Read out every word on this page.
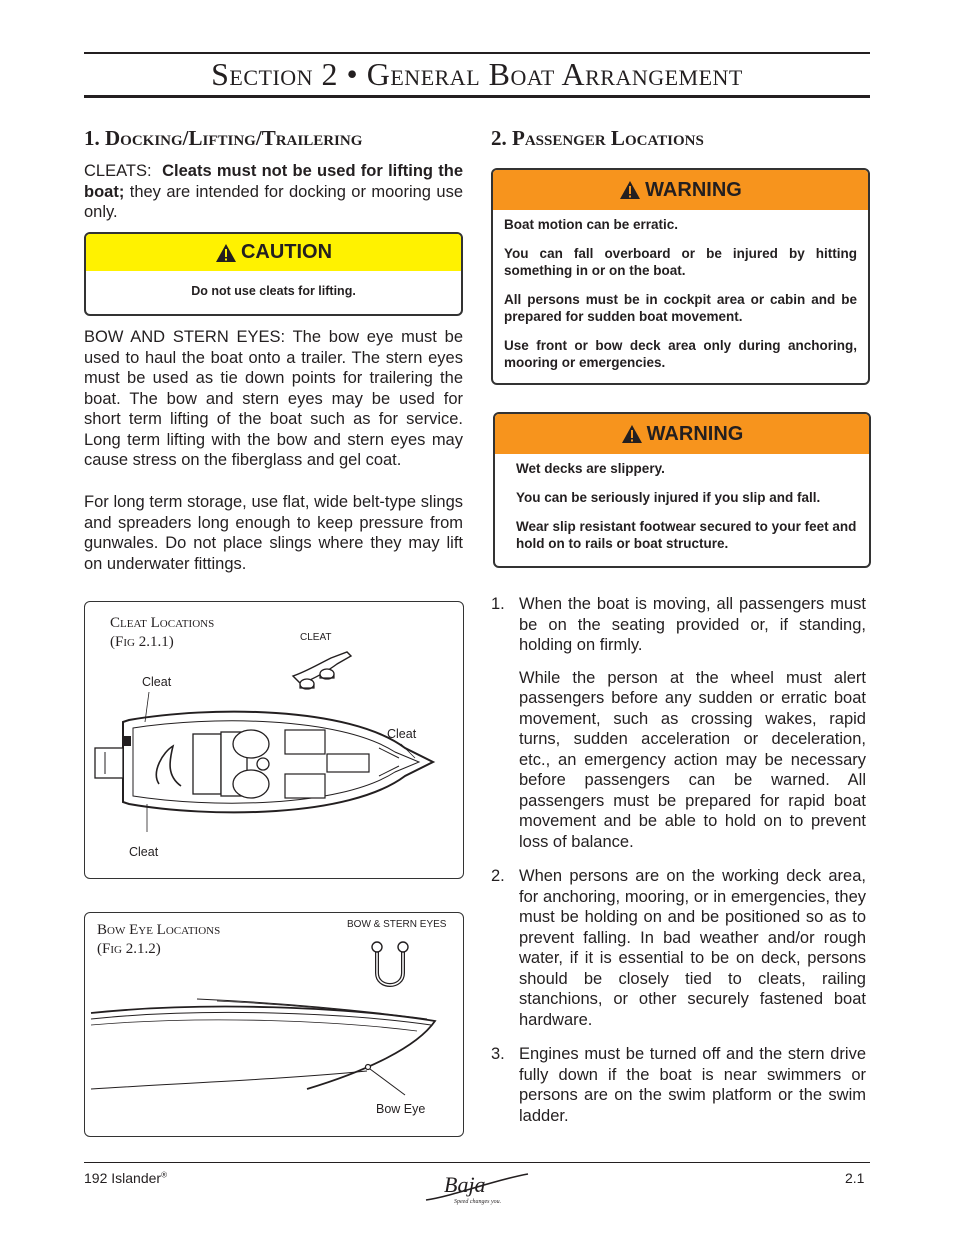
Section 2 • General Boat Arrangement
1. Docking/Lifting/Trailering
CLEATS: Cleats must not be used for lifting the boat; they are intended for docking or mooring use only.
CAUTION
Do not use cleats for lifting.
BOW AND STERN EYES: The bow eye must be used to haul the boat onto a trailer. The stern eyes must be used as tie down points for trailering the boat. The bow and stern eyes may be used for short term lifting of the boat such as for service. Long term lifting with the bow and stern eyes may cause stress on the fiberglass and gel coat.
For long term storage, use flat, wide belt-type slings and spreaders long enough to keep pressure from gunwales. Do not place slings where they may lift on underwater fittings.
Cleat Locations
(Fig 2.1.1)	CLEAT
Cleat
Cleat
Cleat
Bow Eye Locations
(Fig 2.1.2)
BOW & STERN EYES
Bow Eye
2. Passenger Locations
WARNING

Boat motion can be erratic.

You can fall overboard or be injured by hitting something in or on the boat.

All persons must be in cockpit area or cabin and be prepared for sudden boat movement.

Use front or bow deck area only during anchoring, mooring or emergencies.

WARNING

Wet decks are slippery.

You can be seriously injured if you slip and fall.

Wear slip resistant footwear secured to your feet and hold on to rails or boat structure.

1. When the boat is moving, all passengers must be on the seating provided or, if standing, holding on firmly.

While the person at the wheel must alert passengers before any sudden or erratic boat movement, such as crossing wakes, rapid turns, sudden acceleration or deceleration, etc., an emergency action may be necessary before passengers can be warned. All passengers must be prepared for rapid boat movement and be able to hold on to prevent loss of balance.

2. When persons are on the working deck area, for anchoring, mooring, or in emergencies, they must be holding on and be positioned so as to prevent falling. In bad weather and/or rough water, if it is essential to be on deck, persons should be closely tied to cleats, railing stanchions, or other securely fastened boat hardware.

3. Engines must be turned off and the stern drive fully down if the boat is near swimmers or persons are on the swim platform or the swim ladder.

192 Islander®	2.1
Baja
Speed changes you.
